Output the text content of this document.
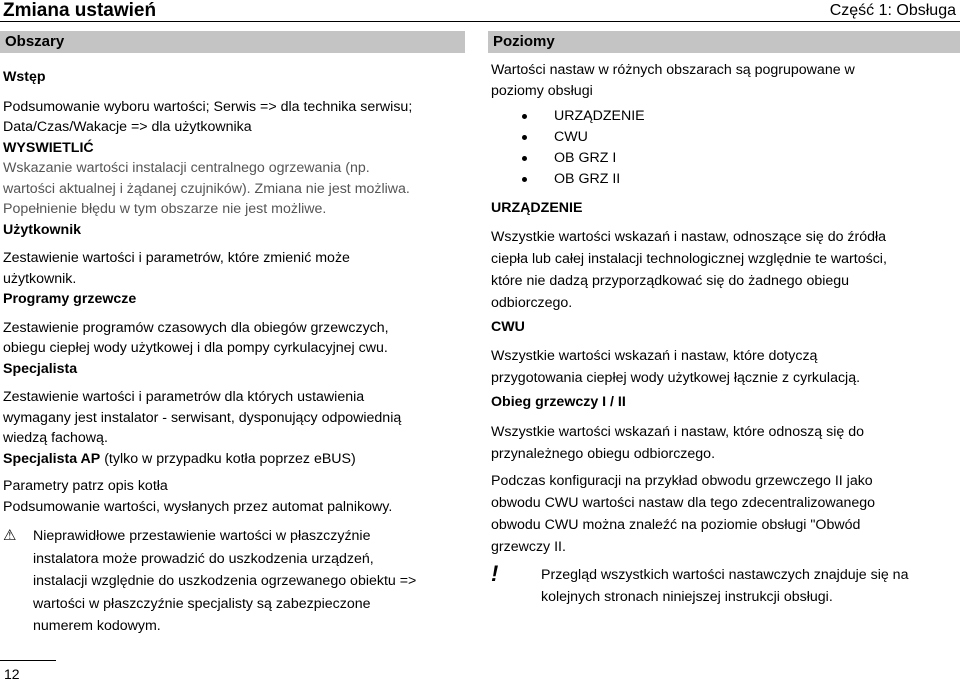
Zmiana ustawień	Część 1: Obsługa
Obszary

Wstęp

Podsumowanie wyboru wartości; Serwis => dla technika serwisu;

Data/Czas/Wakacje => dla użytkownika

WYSWIETLIĆ

Wskazanie wartości instalacji centralnego ogrzewania (np.

wartości aktualnej i żądanej czujników). Zmiana nie jest możliwa.

Popełnienie błędu w tym obszarze nie jest możliwe.

Użytkownik

Zestawienie wartości i parametrów, które zmienić może

użytkownik.

Programy grzewcze

Zestawienie programów czasowych dla obiegów grzewczych,

obiegu ciepłej wody użytkowej i dla pompy cyrkulacyjnej cwu.

Specjalista

Zestawienie wartości i parametrów dla których ustawienia

wymagany jest instalator - serwisant, dysponujący odpowiednią

wiedzą fachową.

Specjalista AP (tylko w przypadku kotła poprzez eBUS)

Parametry patrz opis kotła

Podsumowanie wartości, wysłanych przez automat palnikowy.

⚠	Nieprawidłowe przestawienie wartości w płaszczyźnie

instalatora może prowadzić do uszkodzenia urządzeń,

instalacji względnie do uszkodzenia ogrzewanego obiektu =>

wartości w płaszczyźnie specjalisty są zabezpieczone

numerem kodowym.

Poziomy

Wartości nastaw w różnych obszarach są pogrupowane w

poziomy obsługi

URZĄDZENIE
CWU
OB GRZ I
OB GRZ II

URZĄDZENIE

Wszystkie wartości wskazań i nastaw, odnoszące się do źródła

ciepła lub całej instalacji technologicznej względnie te wartości,

które nie dadzą przyporządkować się do żadnego obiegu

odbiorczego.

CWU

Wszystkie wartości wskazań i nastaw, które dotyczą

przygotowania ciepłej wody użytkowej łącznie z cyrkulacją.

Obieg grzewczy I / II

Wszystkie wartości wskazań i nastaw, które odnoszą się do

przynależnego obiegu odbiorczego.

Podczas konfiguracji na przykład obwodu grzewczego II jako

obwodu CWU wartości nastaw dla tego zdecentralizowanego

obwodu CWU można znaleźć na poziomie obsługi "Obwód

grzewczy II.

!	Przegląd wszystkich wartości nastawczych znajduje się na

kolejnych stronach niniejszej instrukcji obsługi.

12
